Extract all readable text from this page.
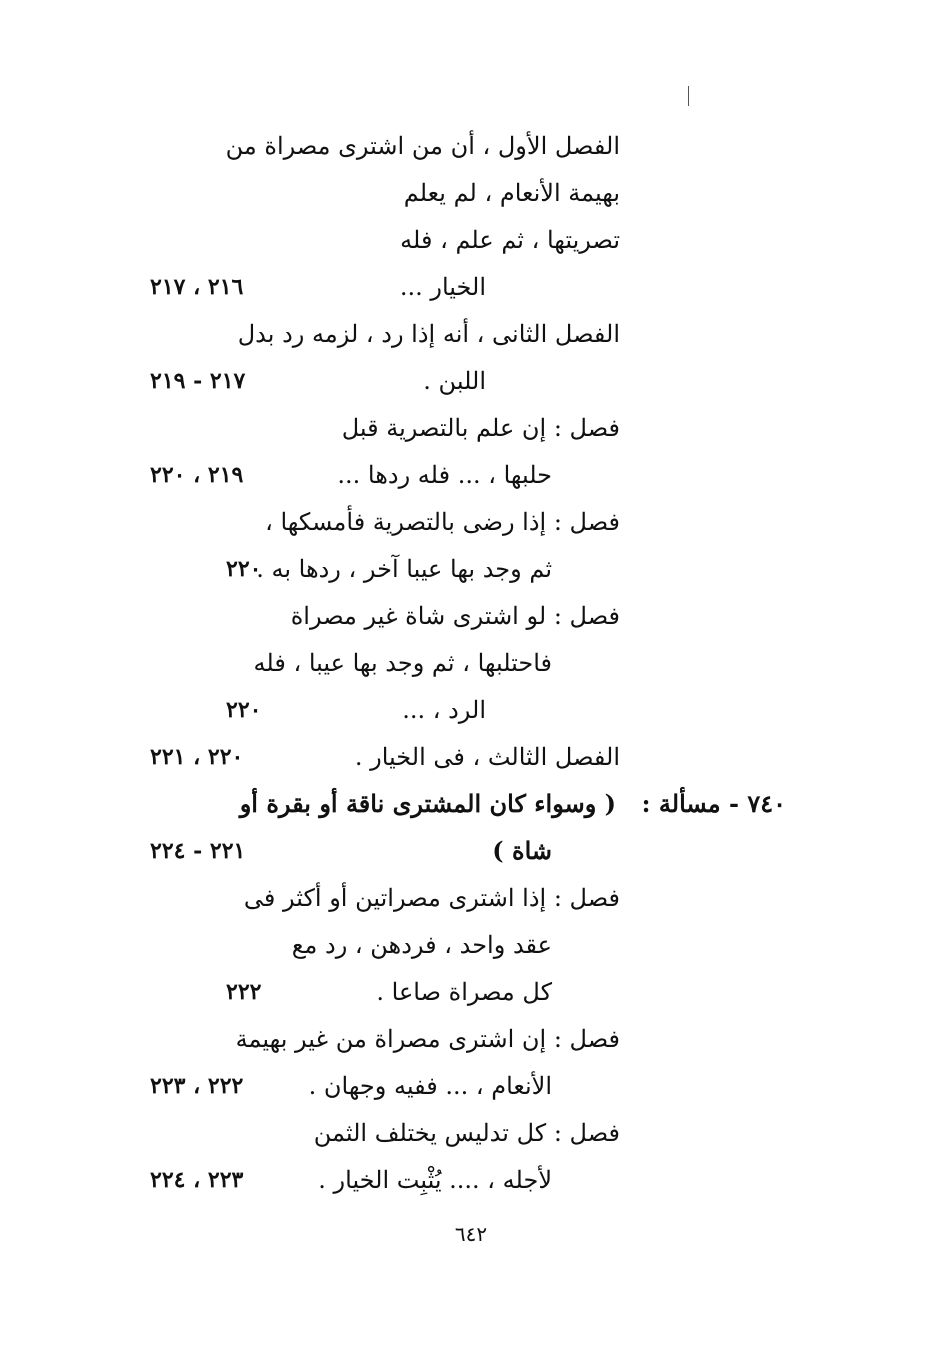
الفصل الأول ، أن من اشترى مصراة من
بهيمة الأنعام ، لم يعلم
تصريتها ، ثم علم ، فله
الخيار ...
٢١٦ ، ٢١٧
الفصل الثانى ، أنه إذا رد ، لزمه رد بدل
اللبن .
٢١٧ - ٢١٩
فصل : إن علم بالتصرية قبل
حلبها ، ... فله ردها ...
٢١٩ ، ٢٢٠
فصل : إذا رضى بالتصرية فأمسكها ،
ثم وجد بها عيبا آخر ، ردها به .
٢٢٠
فصل : لو اشترى شاة غير مصراة
فاحتلبها ، ثم وجد بها عيبا ، فله
الرد ، ...
٢٢٠
الفصل الثالث ، فى الخيار .
٢٢٠ ، ٢٢١
٧٤٠ - مسألة :
( وسواء كان المشترى ناقة أو بقرة أو
شاة )
٢٢١ - ٢٢٤
فصل : إذا اشترى مصراتين أو أكثر فى
عقد واحد ، فردهن ، رد مع
كل مصراة صاعا .
٢٢٢
فصل : إن اشترى مصراة من غير بهيمة
الأنعام ، ... ففيه وجهان .
٢٢٢ ، ٢٢٣
فصل : كل تدليس يختلف الثمن
لأجله ، .... يُثْبِت الخيار .
٢٢٣ ، ٢٢٤
٦٤٢
